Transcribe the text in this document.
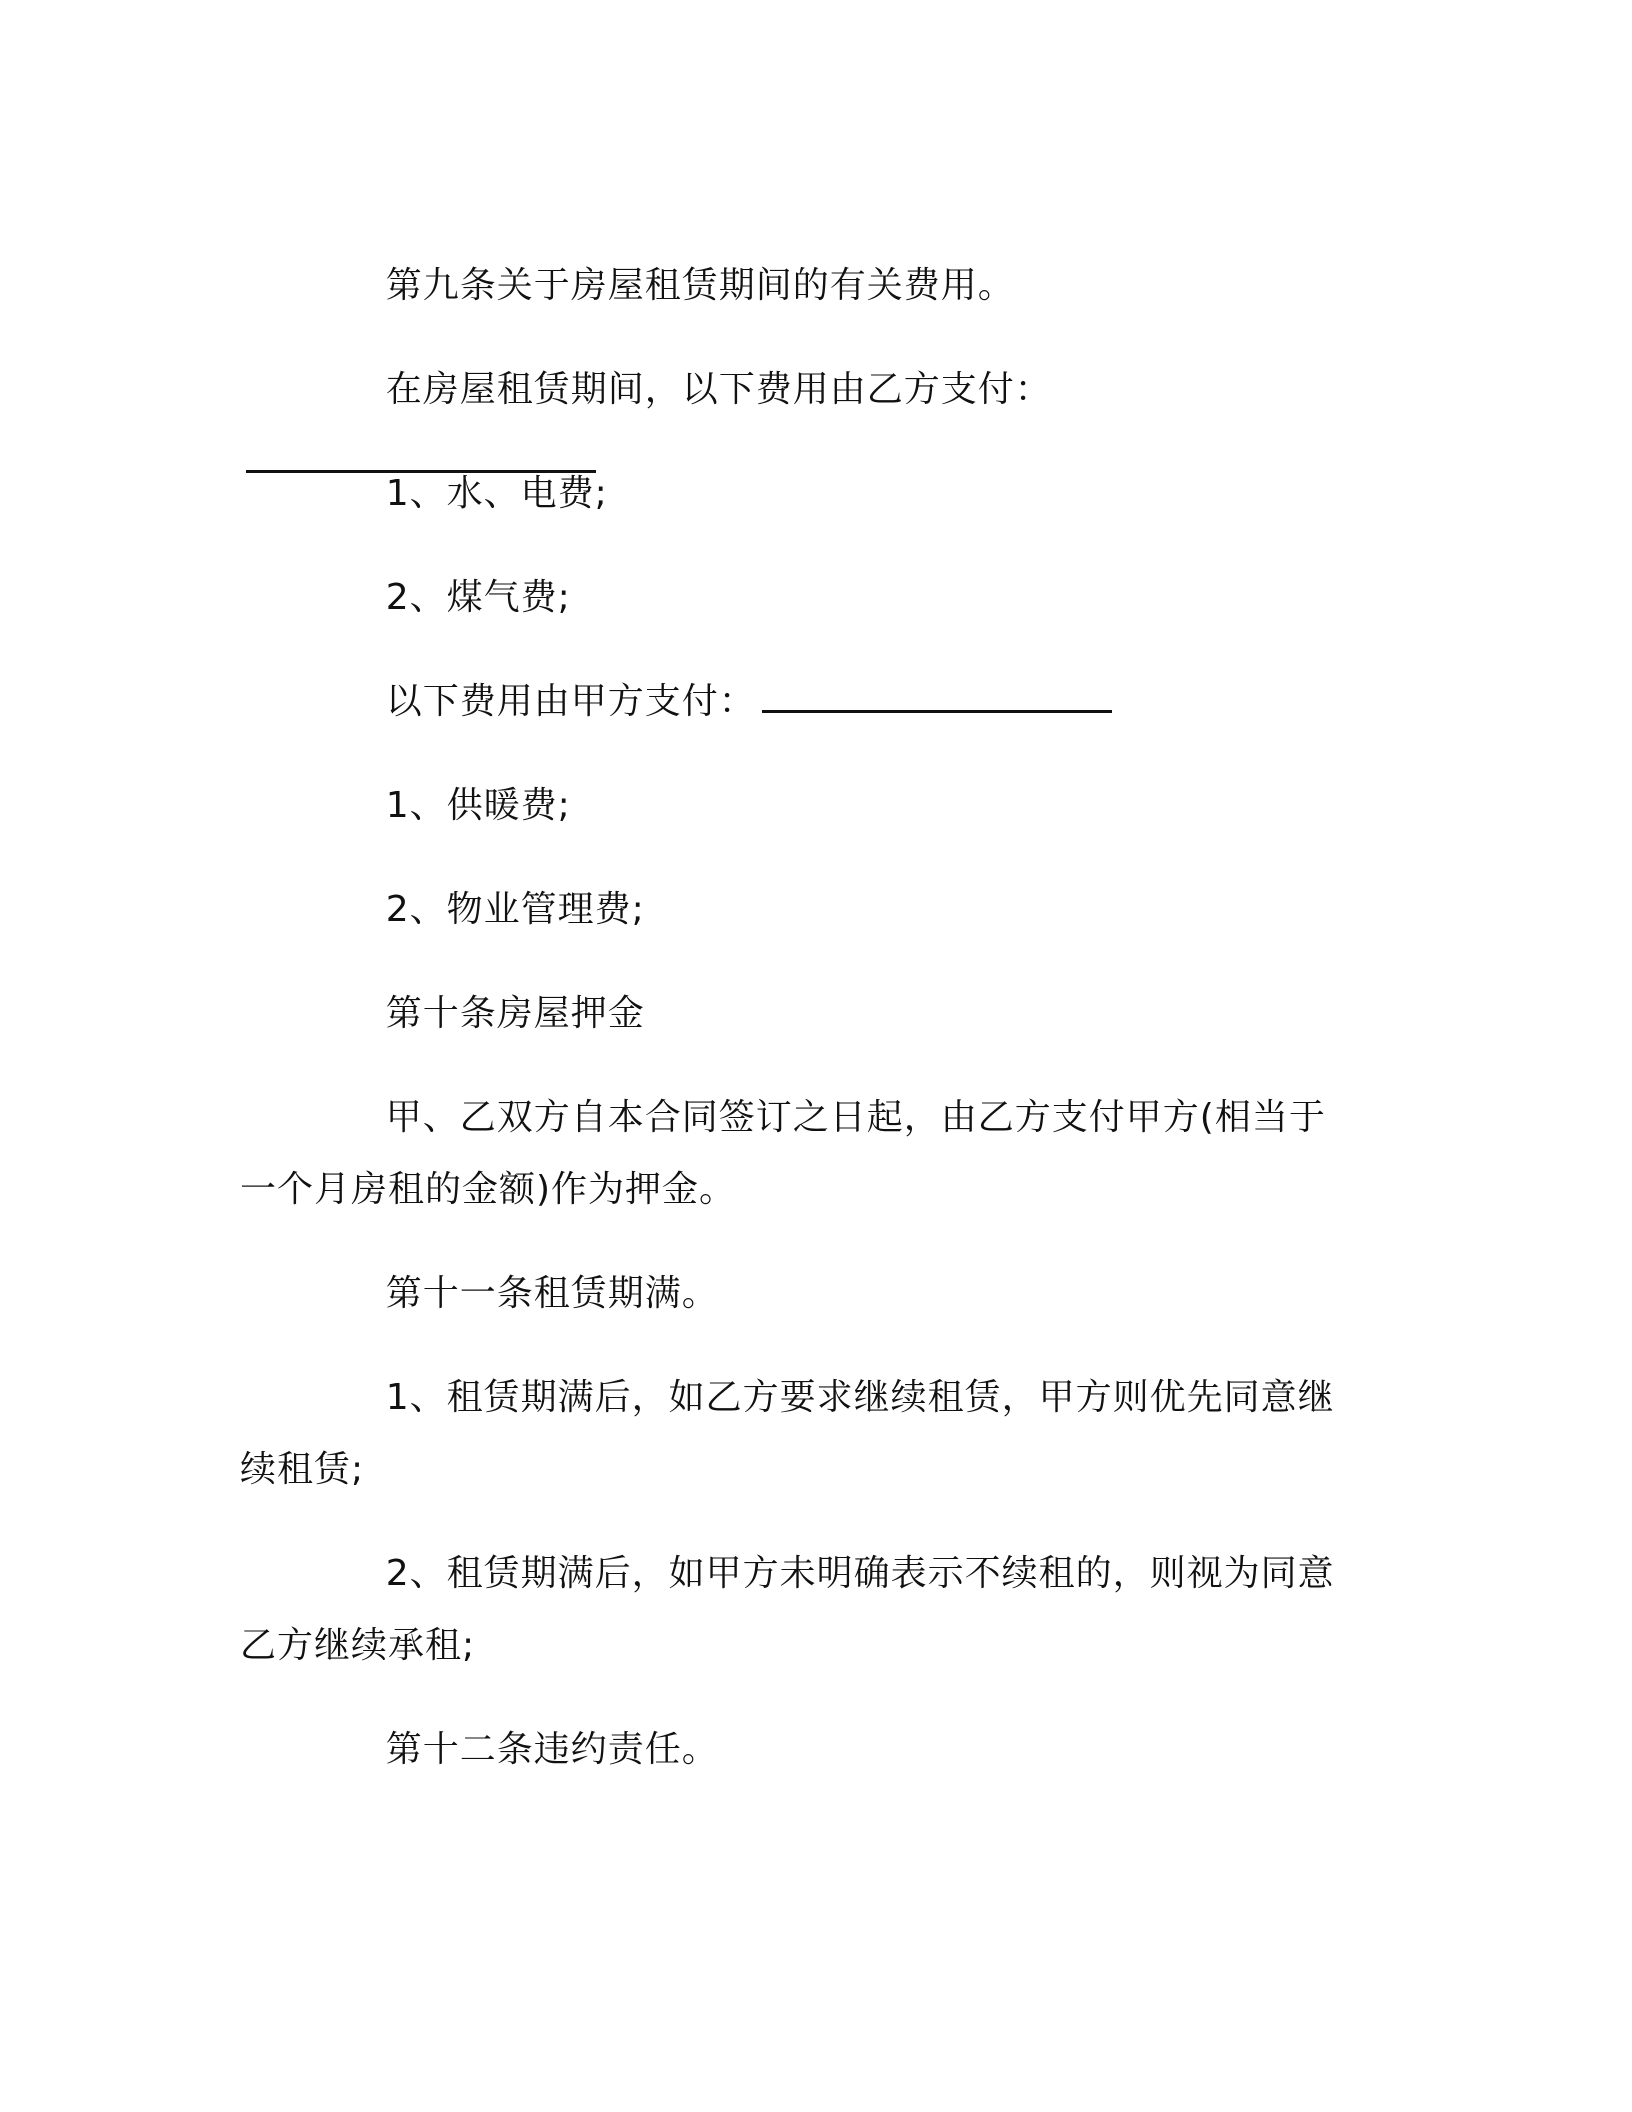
第九条关于房屋租赁期间的有关费用。

在房屋租赁期间，以下费用由乙方支付：

1、水、电费;

2、煤气费;

以下费用由甲方支付：

1、供暖费;

2、物业管理费;

第十条房屋押金

甲、乙双方自本合同签订之日起，由乙方支付甲方(相当于一个月房租的金额)作为押金。

第十一条租赁期满。

1、租赁期满后，如乙方要求继续租赁，甲方则优先同意继续租赁;

2、租赁期满后，如甲方未明确表示不续租的，则视为同意乙方继续承租;

第十二条违约责任。
